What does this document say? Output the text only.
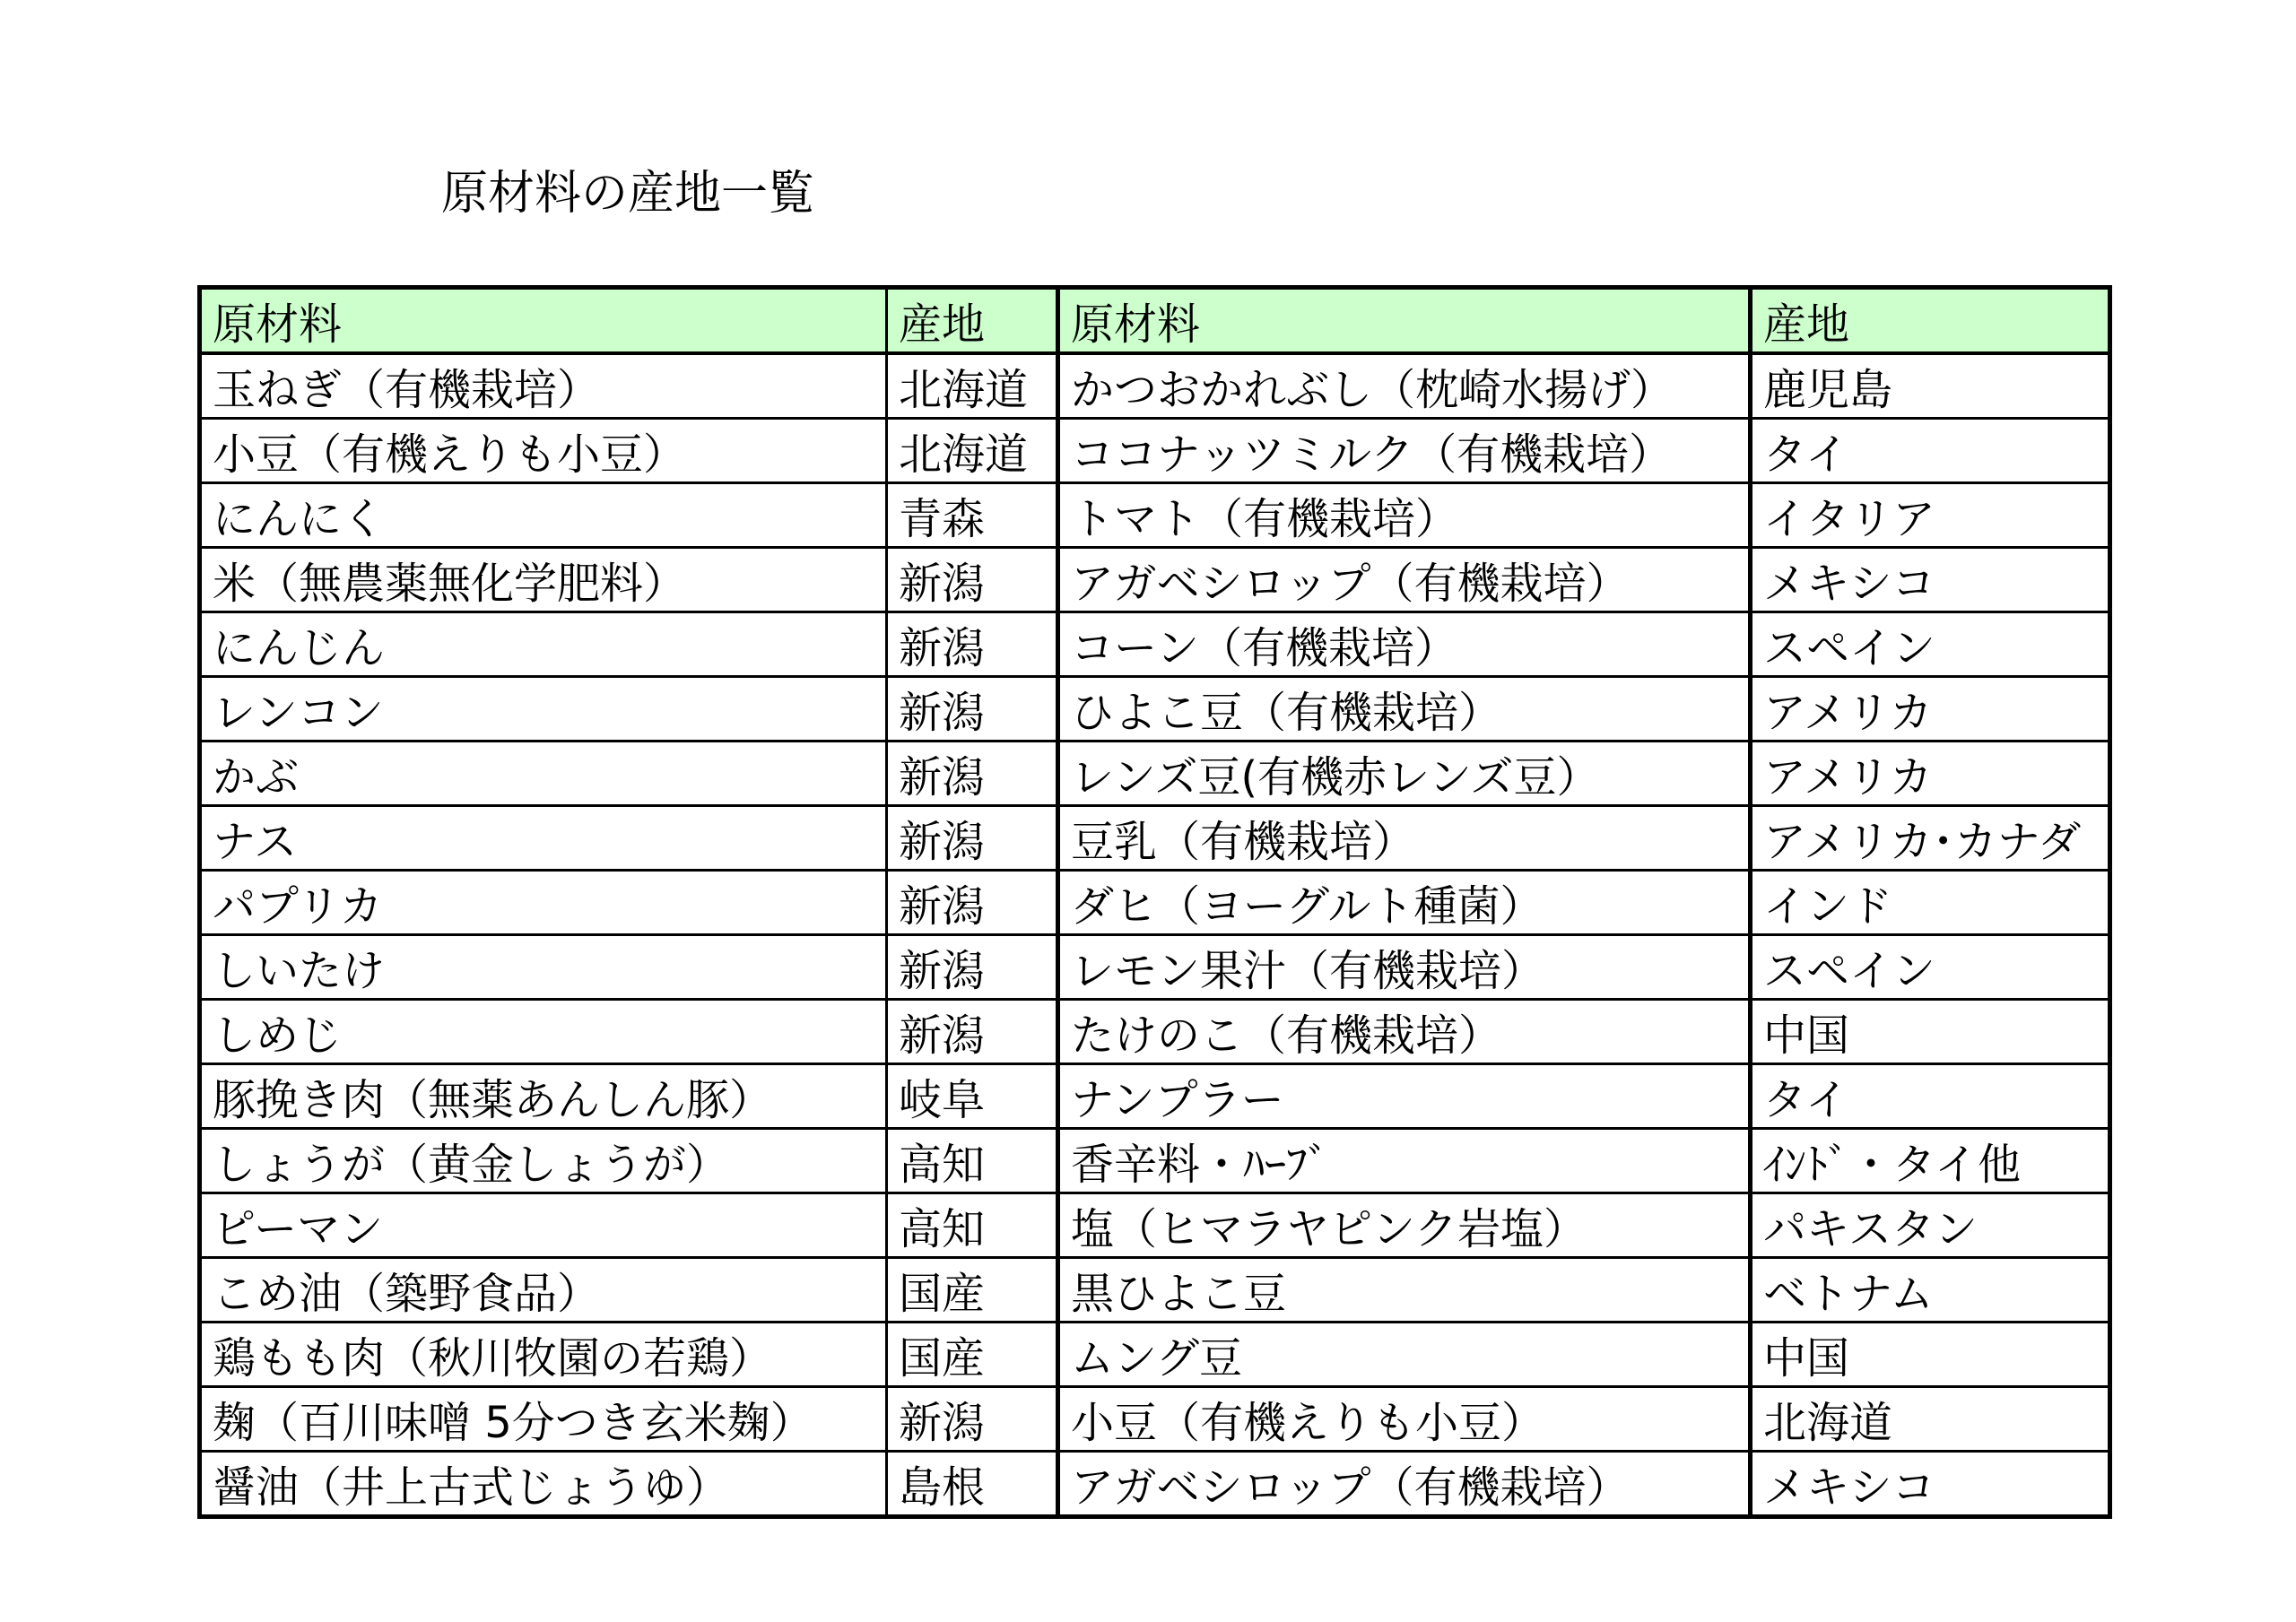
原材料の産地一覧
原材料	産地	原材料	産地
玉ねぎ（有機栽培）	北海道	かつおかれぶし（枕崎水揚げ）	鹿児島
小豆（有機えりも小豆）	北海道	ココナッツミルク（有機栽培）	タイ
にんにく	青森	トマト（有機栽培）	イタリア
米（無農薬無化学肥料）	新潟	アガベシロップ（有機栽培）	メキシコ
にんじん	新潟	コーン（有機栽培）	スペイン
レンコン	新潟	ひよこ豆（有機栽培）	アメリカ
かぶ	新潟	レンズ豆(有機赤レンズ豆）	アメリカ
ナス	新潟	豆乳（有機栽培）	アメリカ･カナダ
パプリカ	新潟	ダヒ（ヨーグルト種菌）	インド
しいたけ	新潟	レモン果汁（有機栽培）	スペイン
しめじ	新潟	たけのこ（有機栽培）	中国
豚挽き肉（無薬あんしん豚）	岐阜	ナンプラー	タイ
しょうが（黄金しょうが）	高知	香辛料・ﾊｰﾌﾞ	ｲﾝﾄﾞ・タイ他
ピーマン	高知	塩（ヒマラヤピンク岩塩）	パキスタン
こめ油（築野食品）	国産	黒ひよこ豆	ベトナム
鶏もも肉（秋川牧園の若鶏）	国産	ムング豆	中国
麹（百川味噌 5分つき玄米麹）	新潟	小豆（有機えりも小豆）	北海道
醤油（井上古式じょうゆ）	島根	アガベシロップ（有機栽培）	メキシコ
